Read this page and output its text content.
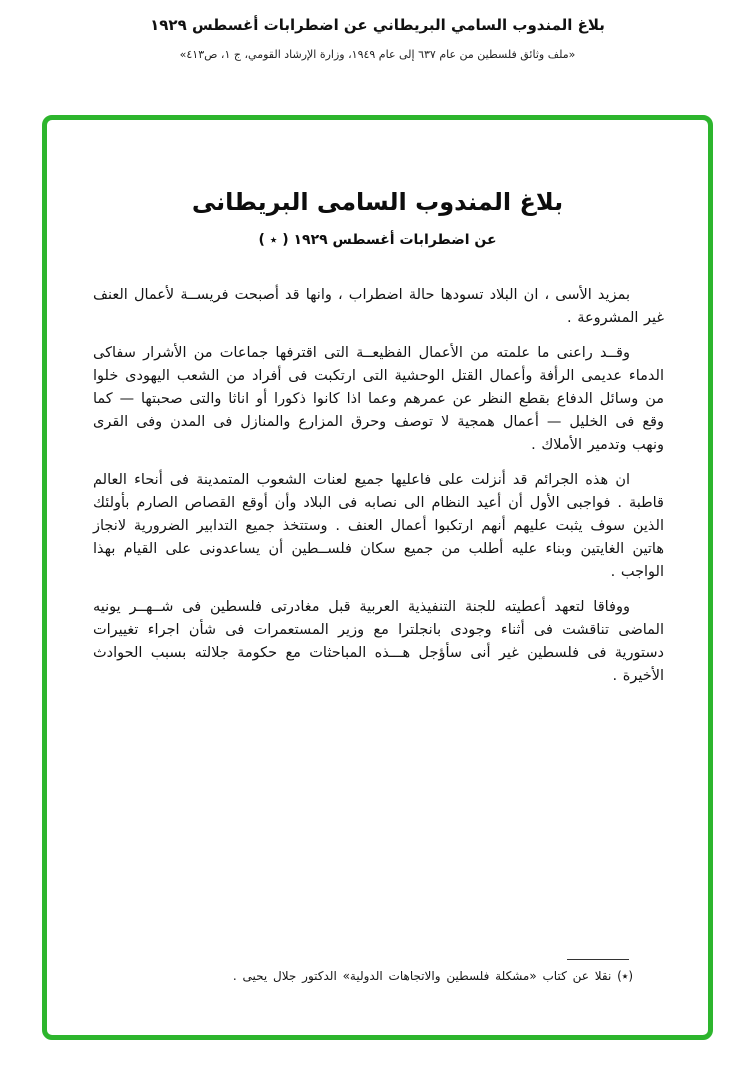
بلاغ المندوب السامي البريطاني عن اضطرابات أغسطس ١٩٢٩
«ملف وثائق فلسطين من عام ٦٣٧ إلى عام ١٩٤٩، وزارة الإرشاد القومي، ج ١، ص٤١٣»
بلاغ المندوب السامى البريطانى
عن اضطرابات أغسطس ١٩٢٩ ( ٭ )

بمزيد الأسى ، ان البلاد تسودها حالة اضطراب ، وانها قد أصبحت فريســة لأعمال العنف غير المشروعة .

وقــد راعنى ما علمته من الأعمال الفظيعــة التى اقترفها جماعات من الأشرار سفاكى الدماء عديمى الرأفة وأعمال القتل الوحشية التى ارتكبت فى أفراد من الشعب اليهودى خلوا من وسائل الدفاع بقطع النظر عن عمرهم وعما اذا كانوا ذكورا أو اناثا والتى صحبتها — كما وقع فى الخليل — أعمال همجية لا توصف وحرق المزارع والمنازل فى المدن وفى القرى ونهب وتدمير الأملاك .

ان هذه الجرائم قد أنزلت على فاعليها جميع لعنات الشعوب المتمدينة فى أنحاء العالم قاطبة . فواجبى الأول أن أعيد النظام الى نصابه فى البلاد وأن أوقع القصاص الصارم بأولئك الذين سوف يثبت عليهم أنهم ارتكبوا أعمال العنف . وستتخذ جميع التدابير الضرورية لانجاز هاتين الغايتين وبناء عليه أطلب من جميع سكان فلســطين أن يساعدونى على القيام بهذا الواجب .

ووفاقا لتعهد أعطيته للجنة التنفيذية العربية قبل مغادرتى فلسطين فى شــهــر يونيه الماضى تناقشت فى أثناء وجودى بانجلترا مع وزير المستعمرات فى شأن اجراء تغييرات دستورية فى فلسطين غير أنى سأؤجل هـــذه المباحثات مع حكومة جلالته بسبب الحوادث الأخيرة .

(٭) نقلا عن كتاب «مشكلة فلسطين والاتجاهات الدولية» الدكتور جلال يحيى .
